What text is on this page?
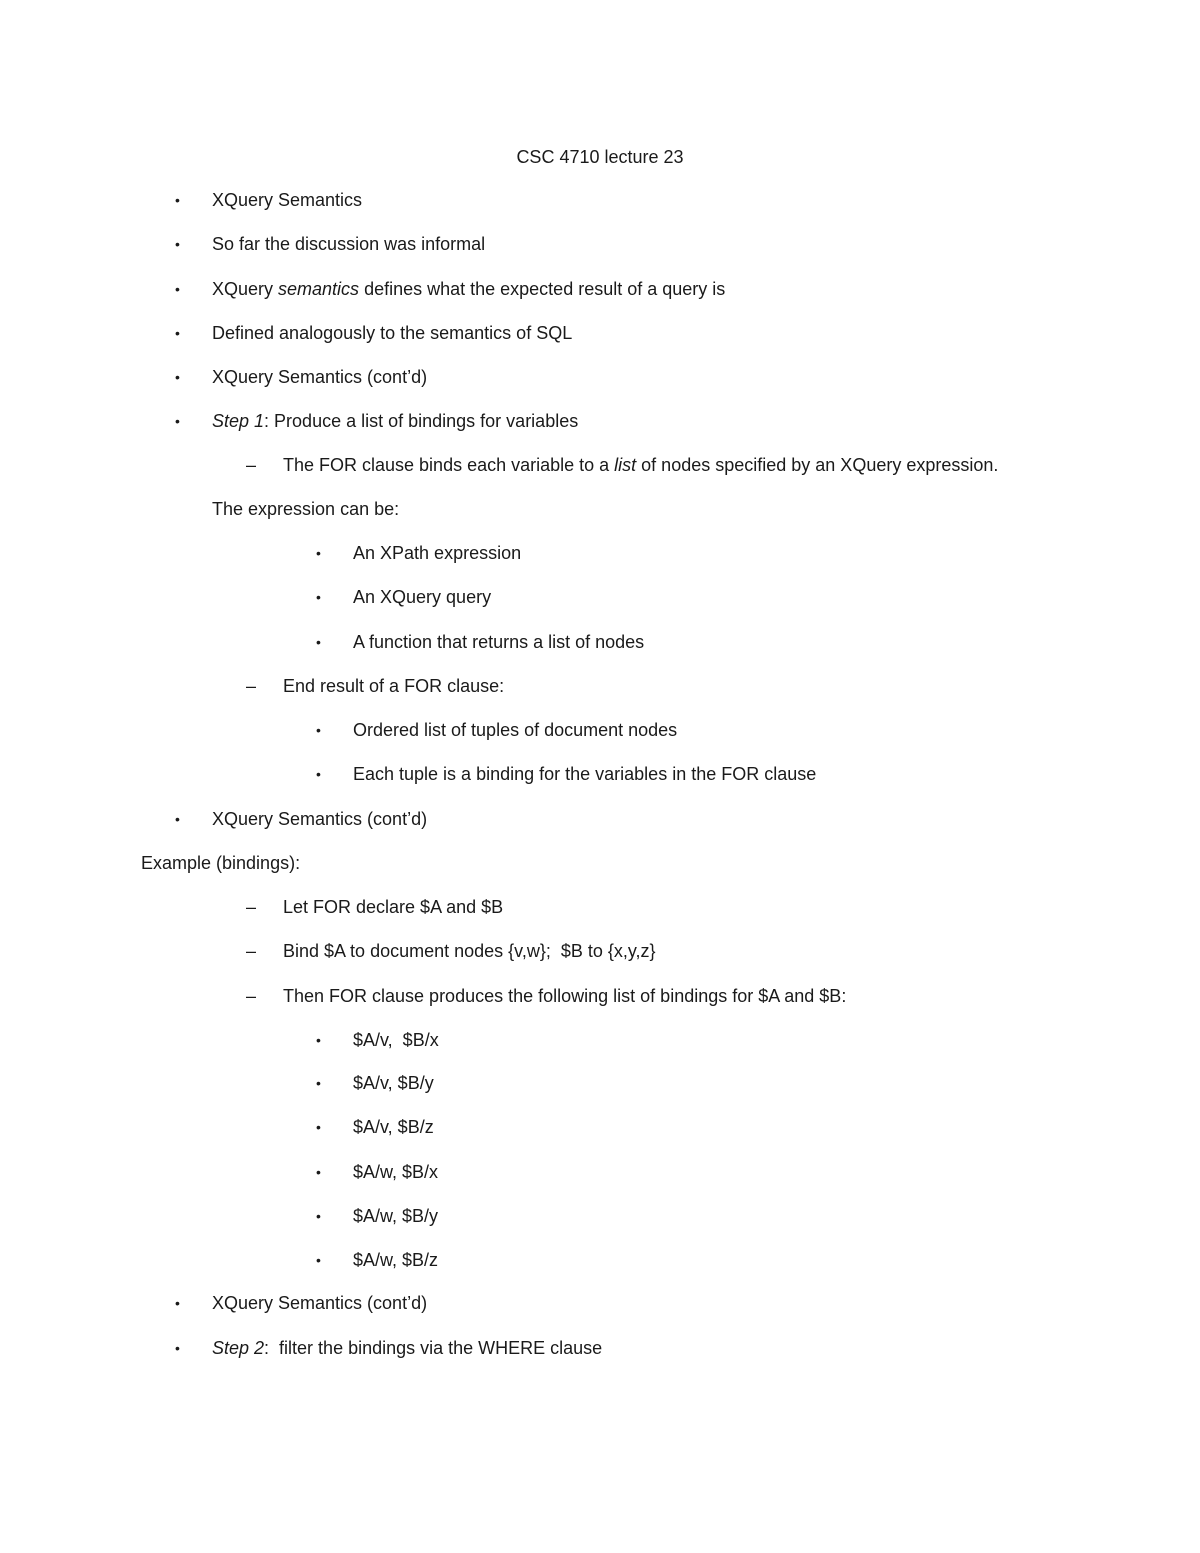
CSC 4710 lecture 23
• XQuery Semantics
• So far the discussion was informal
• XQuery semantics defines what the expected result of a query is
• Defined analogously to the semantics of SQL
• XQuery Semantics (cont’d)
• Step 1: Produce a list of bindings for variables
– The FOR clause binds each variable to a list of nodes specified by an XQuery expression.
The expression can be:
• An XPath expression
• An XQuery query
• A function that returns a list of nodes
– End result of a FOR clause:
• Ordered list of tuples of document nodes
• Each tuple is a binding for the variables in the FOR clause
• XQuery Semantics (cont’d)
Example (bindings):
– Let FOR declare $A and $B
– Bind $A to document nodes {v,w};  $B to {x,y,z}
– Then FOR clause produces the following list of bindings for $A and $B:
• $A/v,  $B/x
• $A/v, $B/y
• $A/v, $B/z
• $A/w, $B/x
• $A/w, $B/y
• $A/w, $B/z
• XQuery Semantics (cont’d)
• Step 2:  filter the bindings via the WHERE clause
